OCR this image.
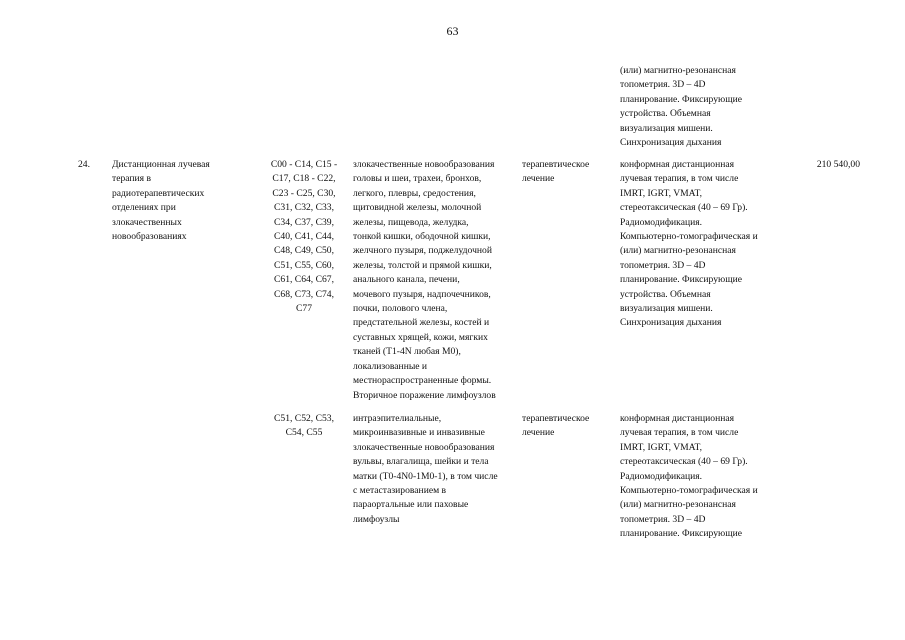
63
(или) магнитно-резонансная
топометрия. 3D – 4D
планирование. Фиксирующие
устройства. Объемная
визуализация мишени.
Синхронизация дыхания
24.	Дистанционная лучевая
терапия в
радиотерапевтических
отделениях при
злокачественных
новообразованиях
C00 - C14, C15 -
C17, C18 - C22,
C23 - C25, C30,
C31, C32, C33,
C34, C37, C39,
C40, C41, C44,
C48, C49, C50,
C51, C55, C60,
C61, C64, C67,
C68, C73, C74,
C77
злокачественные новообразования
головы и шеи, трахеи, бронхов,
легкого, плевры, средостения,
щитовидной железы, молочной
железы, пищевода, желудка,
тонкой кишки, ободочной кишки,
желчного пузыря, поджелудочной
железы, толстой и прямой кишки,
анального канала, печени,
мочевого пузыря, надпочечников,
почки, полового члена,
предстательной железы, костей и
суставных хрящей, кожи, мягких
тканей (T1-4N любая M0),
локализованные и
местнораспространенные формы.
Вторичное поражение лимфоузлов
терапевтическое
лечение
конформная дистанционная
лучевая терапия, в том числе
IMRT, IGRT, VMAT,
стереотаксическая (40 – 69 Гр).
Радиомодификация.
Компьютерно-томографическая и
(или) магнитно-резонансная
топометрия. 3D – 4D
планирование. Фиксирующие
устройства. Объемная
визуализация мишени.
Синхронизация дыхания
210 540,00
C51, C52, C53,
C54, C55
интраэпителиальные,
микроинвазивные и инвазивные
злокачественные новообразования
вульвы, влагалища, шейки и тела
матки (T0-4N0-1M0-1), в том числе
с метастазированием в
параортальные или паховые
лимфоузлы
терапевтическое
лечение
конформная дистанционная
лучевая терапия, в том числе
IMRT, IGRT, VMAT,
стереотаксическая (40 – 69 Гр).
Радиомодификация.
Компьютерно-томографическая и
(или) магнитно-резонансная
топометрия. 3D – 4D
планирование. Фиксирующие
